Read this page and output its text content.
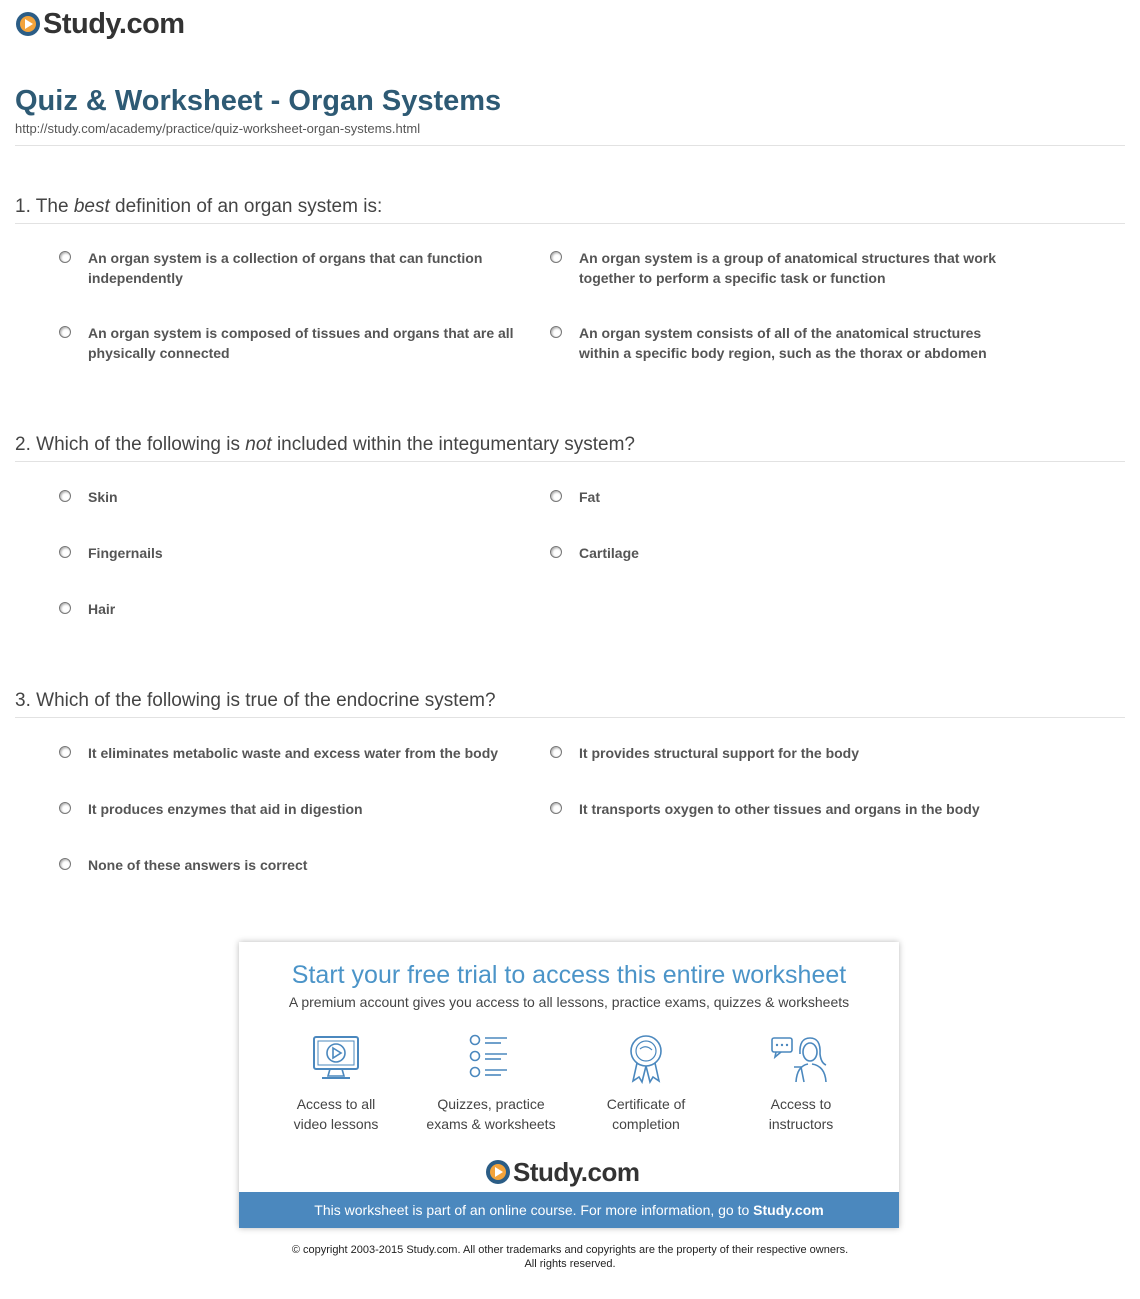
Study.com
Quiz & Worksheet - Organ Systems
http://study.com/academy/practice/quiz-worksheet-organ-systems.html
1. The best definition of an organ system is:
An organ system is a collection of organs that can function independently
An organ system is a group of anatomical structures that work together to perform a specific task or function
An organ system is composed of tissues and organs that are all physically connected
An organ system consists of all of the anatomical structures within a specific body region, such as the thorax or abdomen
2. Which of the following is not included within the integumentary system?
Skin	Fat
Fingernails	Cartilage
Hair
3. Which of the following is true of the endocrine system?
It eliminates metabolic waste and excess water from the body	It provides structural support for the body
It produces enzymes that aid in digestion	It transports oxygen to other tissues and organs in the body
None of these answers is correct
Start your free trial to access this entire worksheet
A premium account gives you access to all lessons, practice exams, quizzes & worksheets
Access to all
video lessons
Quizzes, practice
exams & worksheets
Certificate of
completion
Access to
instructors
Study.com
This worksheet is part of an online course. For more information, go to Study.com
© copyright 2003-2015 Study.com. All other trademarks and copyrights are the property of their respective owners.
All rights reserved.
